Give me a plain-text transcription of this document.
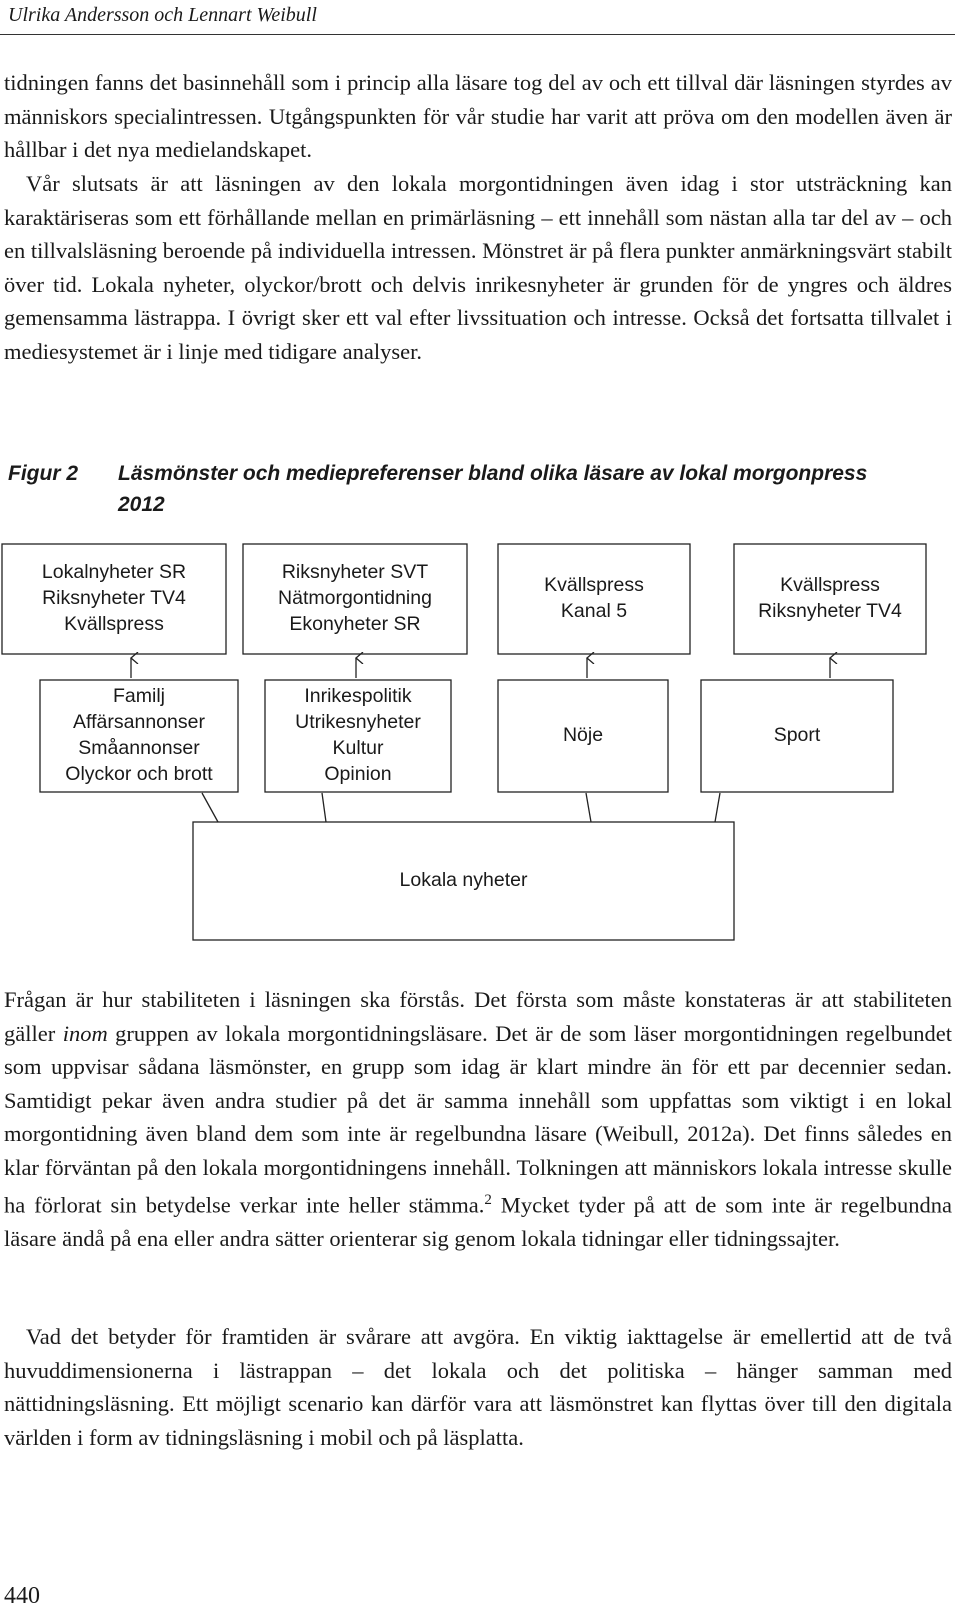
Ulrika Andersson och Lennart Weibull

tidningen fanns det basinnehåll som i princip alla läsare tog del av och ett tillval där läsningen styrdes av människors specialintressen. Utgångspunkten för vår studie har varit att pröva om den modellen även är hållbar i det nya medielandskapet.

Vår slutsats är att läsningen av den lokala morgontidningen även idag i stor utsträckning kan karaktäriseras som ett förhållande mellan en primärläsning – ett innehåll som nästan alla tar del av – och en tillvalsläsning beroende på individuella intressen. Mönstret är på flera punkter anmärkningsvärt stabilt över tid. Lokala nyheter, olyckor/brott och delvis inrikesnyheter är grunden för de yngres och äldres gemensamma lästrappa. I övrigt sker ett val efter livssituation och intresse. Också det fortsatta tillvalet i mediesystemet är i linje med tidigare analyser.

Figur 2	Läsmönster och mediepreferenser bland olika läsare av lokal morgonpress 2012
Lokalnyheter SR
Riksnyheter TV4
Kvällspress
Riksnyheter SVT
Nätmorgontidning
Ekonyheter SR
Kvällspress
Kanal 5
Kvällspress
Riksnyheter TV4
Familj
Affärsannonser
Småannonser
Olyckor och brott
Inrikespolitik
Utrikesnyheter
Kultur
Opinion
Nöje	Sport
Lokala nyheter

Frågan är hur stabiliteten i läsningen ska förstås. Det första som måste konstateras är att stabiliteten gäller inom gruppen av lokala morgontidningsläsare. Det är de som läser morgontidningen regelbundet som uppvisar sådana läsmönster, en grupp som idag är klart mindre än för ett par decennier sedan. Samtidigt pekar även andra studier på det är samma innehåll som uppfattas som viktigt i en lokal morgontidning även bland dem som inte är regelbundna läsare (Weibull, 2012a). Det finns således en klar förväntan på den lokala morgontidningens innehåll. Tolkningen att människors lokala intresse skulle ha förlorat sin betydelse verkar inte heller stämma.$^2$ Mycket tyder på att de som inte är regelbundna läsare ändå på ena eller andra sätter orienterar sig genom lokala tidningar eller tidningssajter.

Vad det betyder för framtiden är svårare att avgöra. En viktig iakttagelse är emellertid att de två huvuddimensionerna i lästrappan – det lokala och det politiska – hänger samman med nättidningsläsning. Ett möjligt scenario kan därför vara att läsmönstret kan flyttas över till den digitala världen i form av tidningsläsning i mobil och på läsplatta.

440
